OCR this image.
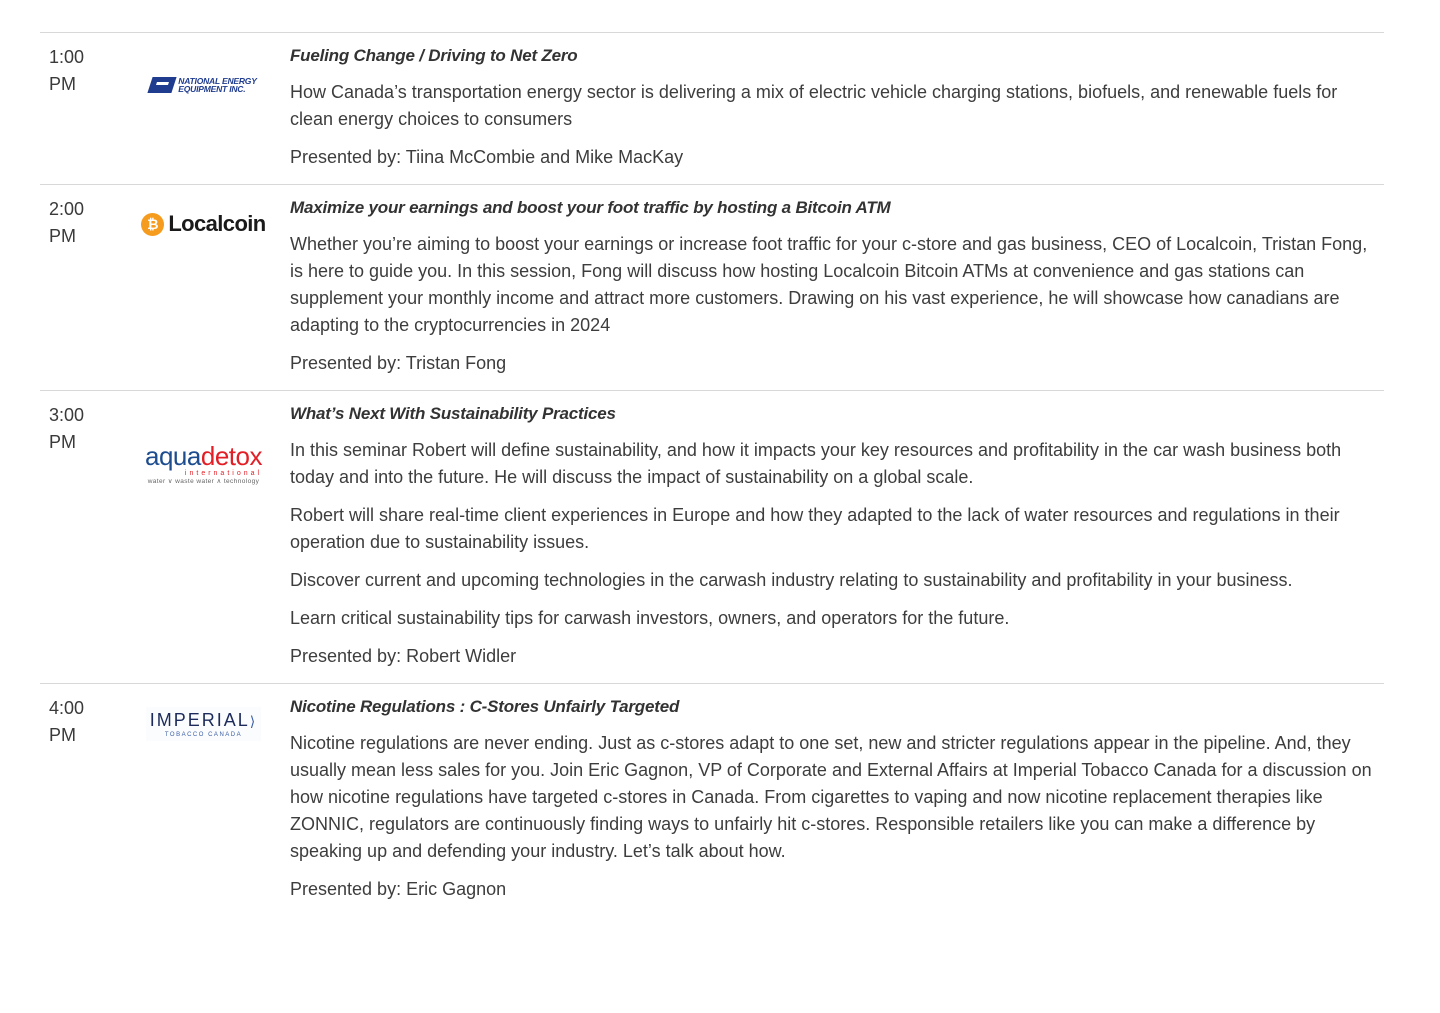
1:00
PM	NATIONAL ENERGY
EQUIPMENT INC.
Fueling Change / Driving to Net Zero

How Canada’s transportation energy sector is delivering a mix of electric vehicle charging stations, biofuels, and renewable fuels for clean energy choices to consumers

Presented by: Tiina McCombie and Mike MacKay

2:00
PM
₿ Localcoin
Maximize your earnings and boost your foot traffic by hosting a Bitcoin ATM

Whether you’re aiming to boost your earnings or increase foot traffic for your c-store and gas business, CEO of Localcoin, Tristan Fong, is here to guide you. In this session, Fong will discuss how hosting Localcoin Bitcoin ATMs at convenience and gas stations can supplement your monthly income and attract more customers. Drawing on his vast experience, he will showcase how canadians are adapting to the cryptocurrencies in 2024

Presented by: Tristan Fong

3:00
PM	aquadetox
international
water ∨ waste water ∧ technology
What’s Next With Sustainability Practices

In this seminar Robert will define sustainability, and how it impacts your key resources and profitability in the car wash business both today and into the future. He will discuss the impact of sustainability on a global scale.

Robert will share real-time client experiences in Europe and how they adapted to the lack of water resources and regulations in their operation due to sustainability issues.

Discover current and upcoming technologies in the carwash industry relating to sustainability and profitability in your business.

Learn critical sustainability tips for carwash investors, owners, and operators for the future.

Presented by: Robert Widler

4:00
PM
IMPERIAL⟩
TOBACCO CANADA
Nicotine Regulations : C-Stores Unfairly Targeted

Nicotine regulations are never ending. Just as c-stores adapt to one set, new and stricter regulations appear in the pipeline. And, they usually mean less sales for you. Join Eric Gagnon, VP of Corporate and External Affairs at Imperial Tobacco Canada for a discussion on how nicotine regulations have targeted c-stores in Canada. From cigarettes to vaping and now nicotine replacement therapies like ZONNIC, regulators are continuously finding ways to unfairly hit c-stores. Responsible retailers like you can make a difference by speaking up and defending your industry. Let’s talk about how.

Presented by: Eric Gagnon
